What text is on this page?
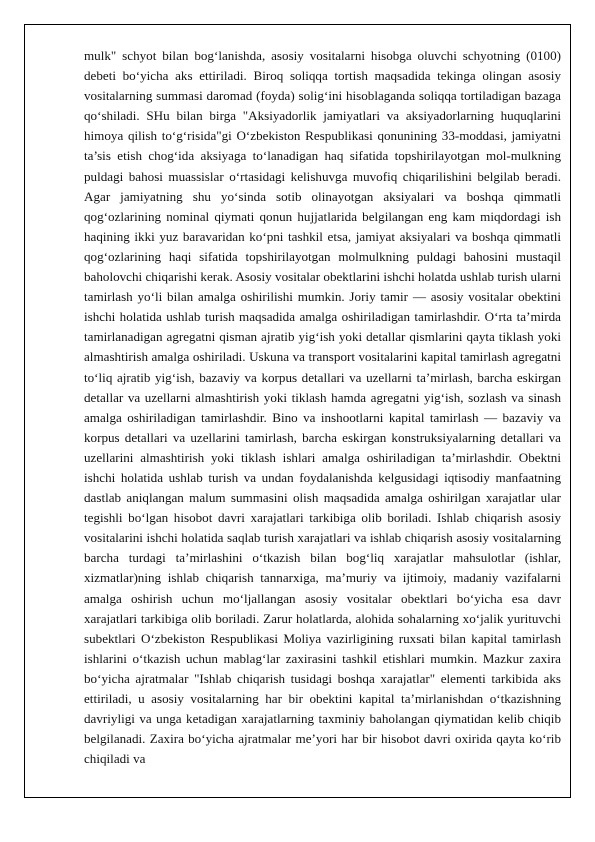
mulk" schyot bilan bog‘lanishda, asosiy vositalarni hisobga oluvchi schyotning (0100) debeti bo‘yicha aks ettiriladi. Biroq soliqqa tortish maqsadida tekinga olingan asosiy vositalarning summasi daromad (foyda) solig‘ini hisoblaganda soliqqa tortiladigan bazaga qo‘shiladi. SHu bilan birga "Aksiyadorlik jamiyatlari va aksiyadorlarning huquqlarini himoya qilish to‘g‘risida"gi O‘zbekiston Respublikasi qonunining 33-moddasi, jamiyatni ta’sis etish chog‘ida aksiyaga to‘lanadigan haq sifatida topshirilayotgan mol-mulkning puldagi bahosi muassislar o‘rtasidagi kelishuvga muvofiq chiqarilishini belgilab beradi. Agar jamiyatning shu yo‘sinda sotib olinayotgan aksiyalari va boshqa qimmatli qog‘ozlarining nominal qiymati qonun hujjatlarida belgilangan eng kam miqdordagi ish haqining ikki yuz baravaridan ko‘pni tashkil etsa, jamiyat aksiyalari va boshqa qimmatli qog‘ozlarining haqi sifatida topshirilayotgan molmulkning puldagi bahosini mustaqil baholovchi chiqarishi kerak. Asosiy vositalar obektlarini ishchi holatda ushlab turish ularni tamirlash yo‘li bilan amalga oshirilishi mumkin. Joriy tamir — asosiy vositalar obektini ishchi holatida ushlab turish maqsadida amalga oshiriladigan tamirlashdir. O‘rta ta’mirda tamirlanadigan agregatni qisman ajratib yig‘ish yoki detallar qismlarini qayta tiklash yoki almashtirish amalga oshiriladi. Uskuna va transport vositalarini kapital tamirlash agregatni to‘liq ajratib yig‘ish, bazaviy va korpus detallari va uzellarni ta’mirlash, barcha eskirgan detallar va uzellarni almashtirish yoki tiklash hamda agregatni yig‘ish, sozlash va sinash amalga oshiriladigan tamirlashdir. Bino va inshootlarni kapital tamirlash — bazaviy va korpus detallari va uzellarini tamirlash, barcha eskirgan konstruksiyalarning detallari va uzellarini almashtirish yoki tiklash ishlari amalga oshiriladigan ta’mirlashdir. Obektni ishchi holatida ushlab turish va undan foydalanishda kelgusidagi iqtisodiy manfaatning dastlab aniqlangan malum summasini olish maqsadida amalga oshirilgan xarajatlar ular tegishli bo‘lgan hisobot davri xarajatlari tarkibiga olib boriladi. Ishlab chiqarish asosiy vositalarini ishchi holatida saqlab turish xarajatlari va ishlab chiqarish asosiy vositalarning barcha turdagi ta’mirlashini o‘tkazish bilan bog‘liq xarajatlar mahsulotlar (ishlar, xizmatlar)ning ishlab chiqarish tannarxiga, ma’muriy va ijtimoiy, madaniy vazifalarni amalga oshirish uchun mo‘ljallangan asosiy vositalar obektlari bo‘yicha esa davr xarajatlari tarkibiga olib boriladi. Zarur holatlarda, alohida sohalarning xo‘jalik yurituvchi subektlari O‘zbekiston Respublikasi Moliya vazirligining ruxsati bilan kapital tamirlash ishlarini o‘tkazish uchun mablag‘lar zaxirasini tashkil etishlari mumkin. Mazkur zaxira bo‘yicha ajratmalar "Ishlab chiqarish tusidagi boshqa xarajatlar" elementi tarkibida aks ettiriladi, u asosiy vositalarning har bir obektini kapital ta’mirlanishdan o‘tkazishning davriyligi va unga ketadigan xarajatlarning taxminiy baholangan qiymatidan kelib chiqib belgilanadi. Zaxira bo‘yicha ajratmalar me’yori har bir hisobot davri oxirida qayta ko‘rib chiqiladi va
